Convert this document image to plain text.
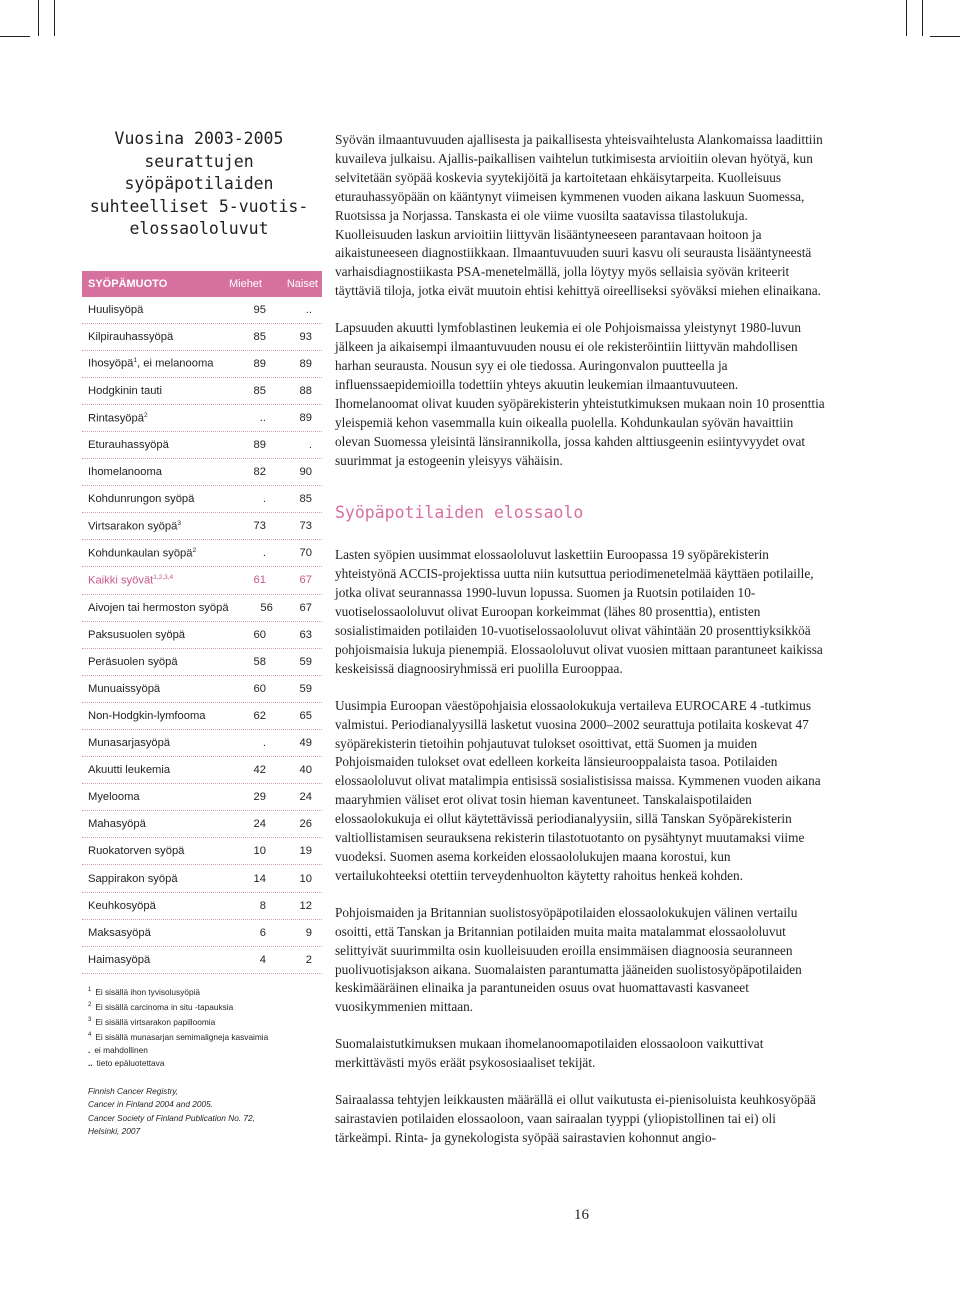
Vuosina 2003-2005
seurattujen
syöpäpotilaiden
suhteelliset 5-vuotis-
elossaololuvut
SYÖPÄMUOTO	Miehet	Naiset
Huulisyöpä	95	..
Kilpirauhassyöpä	85	93
Ihosyöpä$^1$, ei melanooma	89	89
Hodgkinin tauti	85	88
Rintasyöpä$^2$	..	89
Eturauhassyöpä	89	.
Ihomelanooma	82	90
Kohdunrungon syöpä	.	85
Virtsarakon syöpä$^3$	73	73
Kohdunkaulan syöpä$^2$	.	70
Kaikki syövät$^{1,2,3,4}$	61	67
Aivojen tai hermoston syöpä	56	67
Paksusuolen syöpä	60	63
Peräsuolen syöpä	58	59
Munuaissyöpä	60	59
Non-Hodgkin-lymfooma	62	65
Munasarjasyöpä	.	49
Akuutti leukemia	42	40
Myelooma	29	24
Mahasyöpä	24	26
Ruokatorven syöpä	10	19
Sappirakon syöpä	14	10
Keuhkosyöpä	8	12
Maksasyöpä	6	9
Haimasyöpä	4	2
$^1$ Ei sisällä ihon tyvisolusyöpiä
$^2$ Ei sisällä carcinoma in situ -tapauksia
$^3$ Ei sisällä virtsarakon papilloomia
$^4$ Ei sisällä munasarjan semimaligneja kasvaimia
. ei mahdollinen
.. tieto epäluotettava
Finnish Cancer Registry,
Cancer in Finland 2004 and 2005.
Cancer Society of Finland Publication No. 72,
Helsinki, 2007

Syövän ilmaantuvuuden ajallisesta ja paikallisesta yhteisvaihtelusta Alankomaissa laadittiin kuvaileva julkaisu. Ajallis-paikallisen vaihtelun tutkimisesta arvioitiin olevan hyötyä, kun selvitetään syöpää koskevia syytekijöitä ja kartoitetaan ehkäisytarpeita. Kuolleisuus eturauhassyöpään on kääntynyt viimeisen kymmenen vuoden aikana laskuun Suomessa, Ruotsissa ja Norjassa. Tanskasta ei ole viime vuosilta saatavissa tilastolukuja. Kuolleisuuden laskun arvioitiin liittyvän lisääntyneeseen parantavaan hoitoon ja aikaistuneeseen diagnostiikkaan. Ilmaantuvuuden suuri kasvu oli seurausta lisääntyneestä varhaisdiagnostiikasta PSA-menetelmällä, jolla löytyy myös sellaisia syövän kriteerit täyttäviä tiloja, jotka eivät muutoin ehtisi kehittyä oireelliseksi syöväksi miehen elinaikana.

Lapsuuden akuutti lymfoblastinen leukemia ei ole Pohjoismaissa yleistynyt 1980-luvun jälkeen ja aikaisempi ilmaantuvuuden nousu ei ole rekisteröintiin liittyvän mahdollisen harhan seurausta. Nousun syy ei ole tiedossa. Auringonvalon puutteella ja influenssaepidemioilla todettiin yhteys akuutin leukemian ilmaantuvuuteen. Ihomelanoomat olivat kuuden syöpärekisterin yhteistutkimuksen mukaan noin 10 prosenttia yleispemiä kehon vasemmalla kuin oikealla puolella. Kohdunkaulan syövän havaittiin olevan Suomessa yleisintä länsirannikolla, jossa kahden alttiusgeenin esiintyvyydet ovat suurimmat ja estogeenin yleisyys vähäisin.

Syöpäpotilaiden elossaolo

Lasten syöpien uusimmat elossaololuvut laskettiin Euroopassa 19 syöpärekisterin yhteistyönä ACCIS-projektissa uutta niin kutsuttua periodimenetelmää käyttäen potilaille, jotka olivat seurannassa 1990-luvun lopussa. Suomen ja Ruotsin potilaiden 10-vuotiselossaololuvut olivat Euroopan korkeimmat (lähes 80 prosenttia), entisten sosialistimaiden potilaiden 10-vuotiselossaololuvut olivat vähintään 20 prosenttiyksikköä pohjoismaisia lukuja pienempiä. Elossaololuvut olivat vuosien mittaan parantuneet kaikissa keskeisissä diagnoosiryhmissä eri puolilla Eurooppaa.

Uusimpia Euroopan väestöpohjaisia elossaolokukuja vertaileva EUROCARE 4 -tutkimus valmistui. Periodianalyysillä lasketut vuosina 2000–2002 seurattuja potilaita koskevat 47 syöpärekisterin tietoihin pohjautuvat tulokset osoittivat, että Suomen ja muiden Pohjoismaiden tulokset ovat edelleen korkeita länsieurooppalaista tasoa. Potilaiden elossaololuvut olivat matalimpia entisissä sosialistisissa maissa. Kymmenen vuoden aikana maaryhmien väliset erot olivat tosin hieman kaventuneet. Tanskalaispotilaiden elossaolokukuja ei ollut käytettävissä periodianalyysiin, sillä Tanskan Syöpärekisterin valtiollistamisen seurauksena rekisterin tilastotuotanto on pysähtynyt muutamaksi viime vuodeksi. Suomen asema korkeiden elossaololukujen maana korostui, kun vertailukohteeksi otettiin terveydenhuolton käytetty rahoitus henkeä kohden.

Pohjoismaiden ja Britannian suolistosyöpäpotilaiden elossaolokukujen välinen vertailu osoitti, että Tanskan ja Britannian potilaiden muita maita matalammat elossaololuvut selittyivät suurimmilta osin kuolleisuuden eroilla ensimmäisen diagnoosia seuranneen puolivuotisjakson aikana. Suomalaisten parantumatta jääneiden suolistosyöpäpotilaiden keskimääräinen elinaika ja parantuneiden osuus ovat huomattavasti kasvaneet vuosikymmenien mittaan.

Suomalaistutkimuksen mukaan ihomelanoomapotilaiden elossaoloon vaikuttivat merkittävästi myös eräät psykososiaaliset tekijät.

Sairaalassa tehtyjen leikkausten määrällä ei ollut vaikutusta ei-pienisoluista keuhkosyöpää sairastavien potilaiden elossaoloon, vaan sairaalan tyyppi (yliopistollinen tai ei) oli tärkeämpi. Rinta- ja gynekologista syöpää sairastavien kohonnut angio-

16
